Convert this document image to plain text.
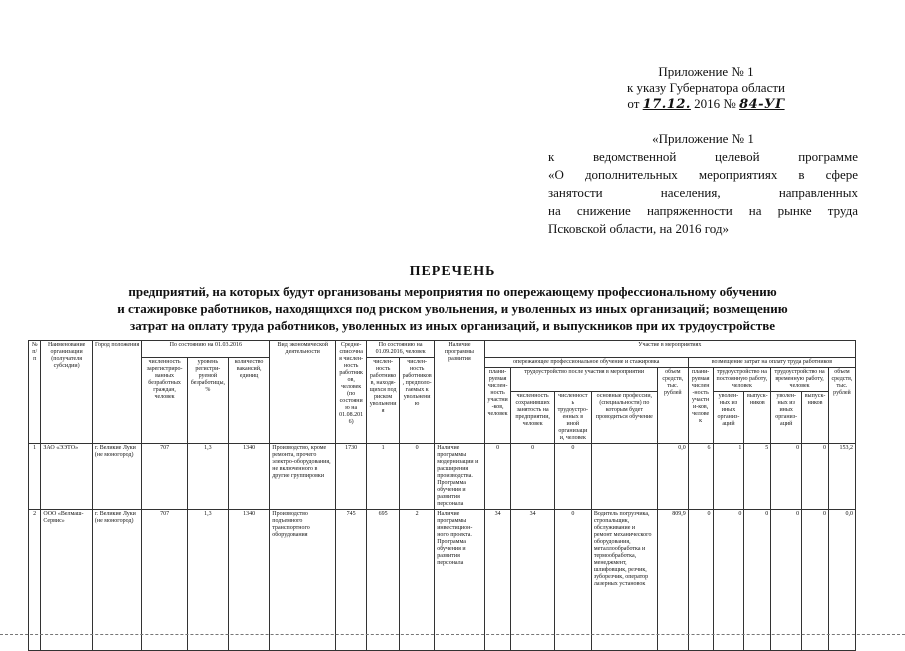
Приложение № 1
к указу Губернатора области
от 17.12. 2016 № 84-УГ
«Приложение № 1
к ведомственной целевой программе
«О дополнительных мероприятиях в сфере
занятости населения, направленных
на снижение напряженности на рынке труда
Псковской области, на 2016 год»
ПЕРЕЧЕНЬ
предприятий, на которых будут организованы мероприятия по опережающему профессиональному обучению
и стажировке работников, находящихся под риском увольнения, и уволенных из иных организаций; возмещению
затрат на оплату труда работников, уволенных из иных организаций, и выпускников при их трудоустройстве
№ п/п	Наименование организации (получателя субсидии)	Город положения	По состоянию на 01.03.2016			Вид экономической деятельности	Средне-списочная числен-ность работников, человек (по состоянию на 01.08.2016)	По состоянию на 01.09.2016, человек		Наличие программы развития	Участие в мероприятиях										
			численность зарегистриро-ванных безработных граждан, человек	уровень регистри-руемой безработицы, %	количество вакансий, единиц			числен-ность работников, находя-щихся под риском увольнения	числен-ность работников, предполо-гаемых к увольнению		опережающее профессиональное обучение и стажировка					возмещение затрат на оплату труда работников					
											плани-руемая числен-ность участни-ков, человек	трудоустройство после участия в мероприятии			объем средств, тыс. рублей	плани-руемая числен-ность участни-ков, человек	трудоустройство на постоянную работу, человек		трудоустройство на временную работу, человек		объем средств, тыс. рублей
												численность сохранивших занятость на предприятии, человек	численность трудоустро-енных в иной организации, человек	основные профессии, (специальности) по которым будет проводиться обучение			уволен-ных из иных организ-аций	выпуск-ников	уволен-ных из иных организ-аций	выпуск-ников	
1	ЗАО «ЭЭТО»	г. Великие Луки (не моногород)	707	1,3	1340	Производство, кроме ремонта, прочего электро-оборудования, не включенного в другие группировки	1730	1	0	Наличие программы модернизации и расширения производства. Программа обучения и развития персонала	0	0	0		0,0	6	1	5	0	0	153,2
2	ООО «Велмаш-Сервис»	г. Великие Луки (не моногород)	707	1,3	1340	Производство подъемного транспортного оборудования	745	695	2	Наличие программы инвестицион-ного проекта. Программа обучения и развития персонала	34	34	0	Водитель погрузчика, стропальщик, обслуживание и ремонт механического оборудования, металлообработка и термообработка, менеджмент, шлифовщик, резчик, зуборезчик, оператор лазерных установок	809,9	0	0	0	0	0	0,0
